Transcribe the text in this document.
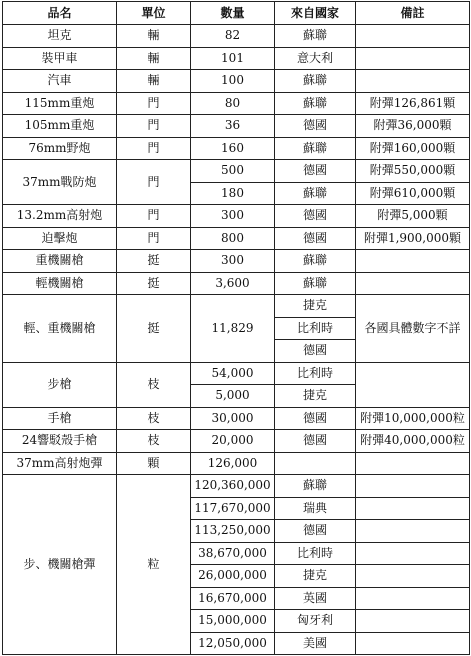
品名	單位	數量	來自國家	備註
坦克	輛	82	蘇聯	
裝甲車	輛	101	意大利	
汽車	輛	100	蘇聯	
115mm重炮	門	80	蘇聯	附彈126,861顆
105mm重炮	門	36	德國	附彈36,000顆
76mm野炮	門	160	蘇聯	附彈160,000顆
37mm戰防炮	門	500	德國	附彈550,000顆
		180	蘇聯	附彈610,000顆
13.2mm高射炮	門	300	德國	附彈5,000顆
迫擊炮	門	800	德國	附彈1,900,000顆
重機關槍	挺	300	蘇聯	
輕機關槍	挺	3,600	蘇聯	
輕、重機關槍	挺	11,829	捷克	各國具體數字不詳
			比利時	
			德國	
步槍	枝	54,000	比利時	
		5,000	捷克	
手槍	枝	30,000	德國	附彈10,000,000粒
24響駁殼手槍	枝	20,000	德國	附彈40,000,000粒
37mm高射炮彈	顆	126,000		
步、機關槍彈	粒	120,360,000	蘇聯	
		117,670,000	瑞典	
		113,250,000	德國	
		38,670,000	比利時	
		26,000,000	捷克	
		16,670,000	英國	
		15,000,000	匈牙利	
		12,050,000	美國	
